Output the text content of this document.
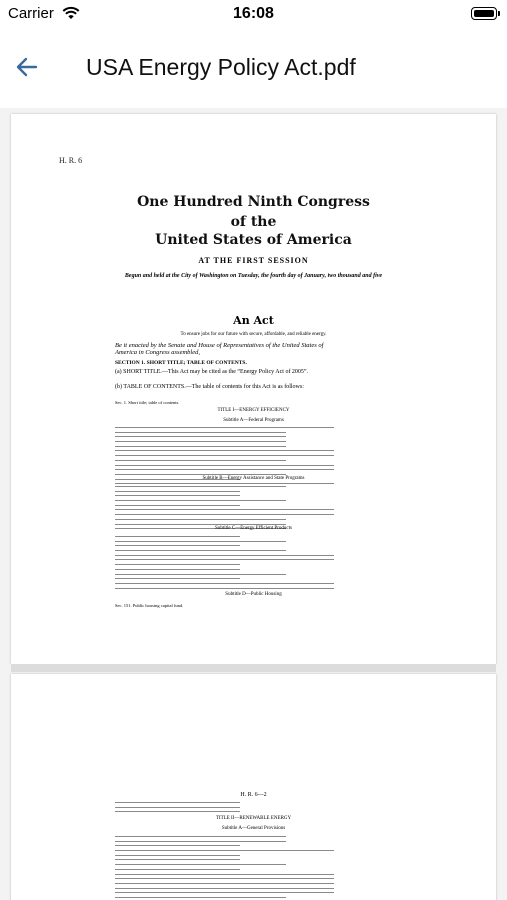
Carrier	16:08
USA Energy Policy Act.pdf
H. R. 6
One Hundred Ninth Congress
of the
United States of America
AT THE FIRST SESSION
Begun and held at the City of Washington on Tuesday, the fourth day of January, two thousand and five
An Act
To ensure jobs for our future with secure, affordable, and reliable energy.
Be it enacted by the Senate and House of Representatives of the United States of America in Congress assembled,
SECTION 1. SHORT TITLE; TABLE OF CONTENTS.
(a) SHORT TITLE.—This Act may be cited as the “Energy Policy Act of 2005”.
(b) TABLE OF CONTENTS.—The table of contents for this Act is as follows:
Sec. 1. Short title; table of contents.
TITLE I—ENERGY EFFICIENCY
Subtitle A—Federal Programs
Subtitle B—Energy Assistance and State Programs
Subtitle C—Energy Efficient Products
Subtitle D—Public Housing
Sec. 151. Public housing capital fund.
H. R. 6—2
TITLE II—RENEWABLE ENERGY
Subtitle A—General Provisions
